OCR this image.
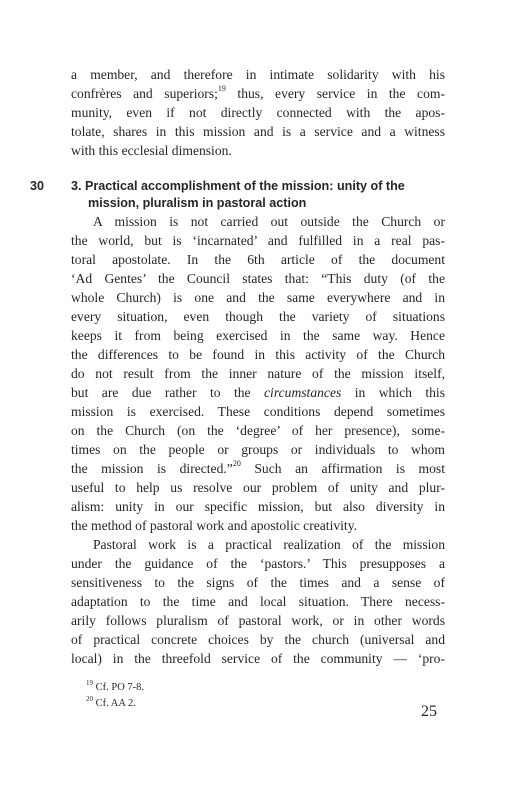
a member, and therefore in intimate solidarity with his
confrères and superiors;$^{19}$ thus, every service in the com-
munity, even if not directly connected with the apos-
tolate, shares in this mission and is a service and a witness
with this ecclesial dimension.
30 3. Practical accomplishment of the mission: unity of the
mission, pluralism in pastoral action
A mission is not carried out outside the Church or
the world, but is ‘incarnated’ and fulfilled in a real pas-
toral apostolate. In the 6th article of the document
‘Ad Gentes’ the Council states that: “This duty (of the
whole Church) is one and the same everywhere and in
every situation, even though the variety of situations
keeps it from being exercised in the same way. Hence
the differences to be found in this activity of the Church
do not result from the inner nature of the mission itself,
but are due rather to the circumstances in which this
mission is exercised. These conditions depend sometimes
on the Church (on the ‘degree’ of her presence), some-
times on the people or groups or individuals to whom
the mission is directed.”$^{20}$ Such an affirmation is most
useful to help us resolve our problem of unity and plur-
alism: unity in our specific mission, but also diversity in
the method of pastoral work and apostolic creativity.
Pastoral work is a practical realization of the mission
under the guidance of the ‘pastors.’ This presupposes a
sensitiveness to the signs of the times and a sense of
adaptation to the time and local situation. There necess-
arily follows pluralism of pastoral work, or in other words
of practical concrete choices by the church (universal and
local) in the threefold service of the community — ‘pro-
$^{19}$ Cf. PO 7-8.
$^{20}$ Cf. AA 2.	25
